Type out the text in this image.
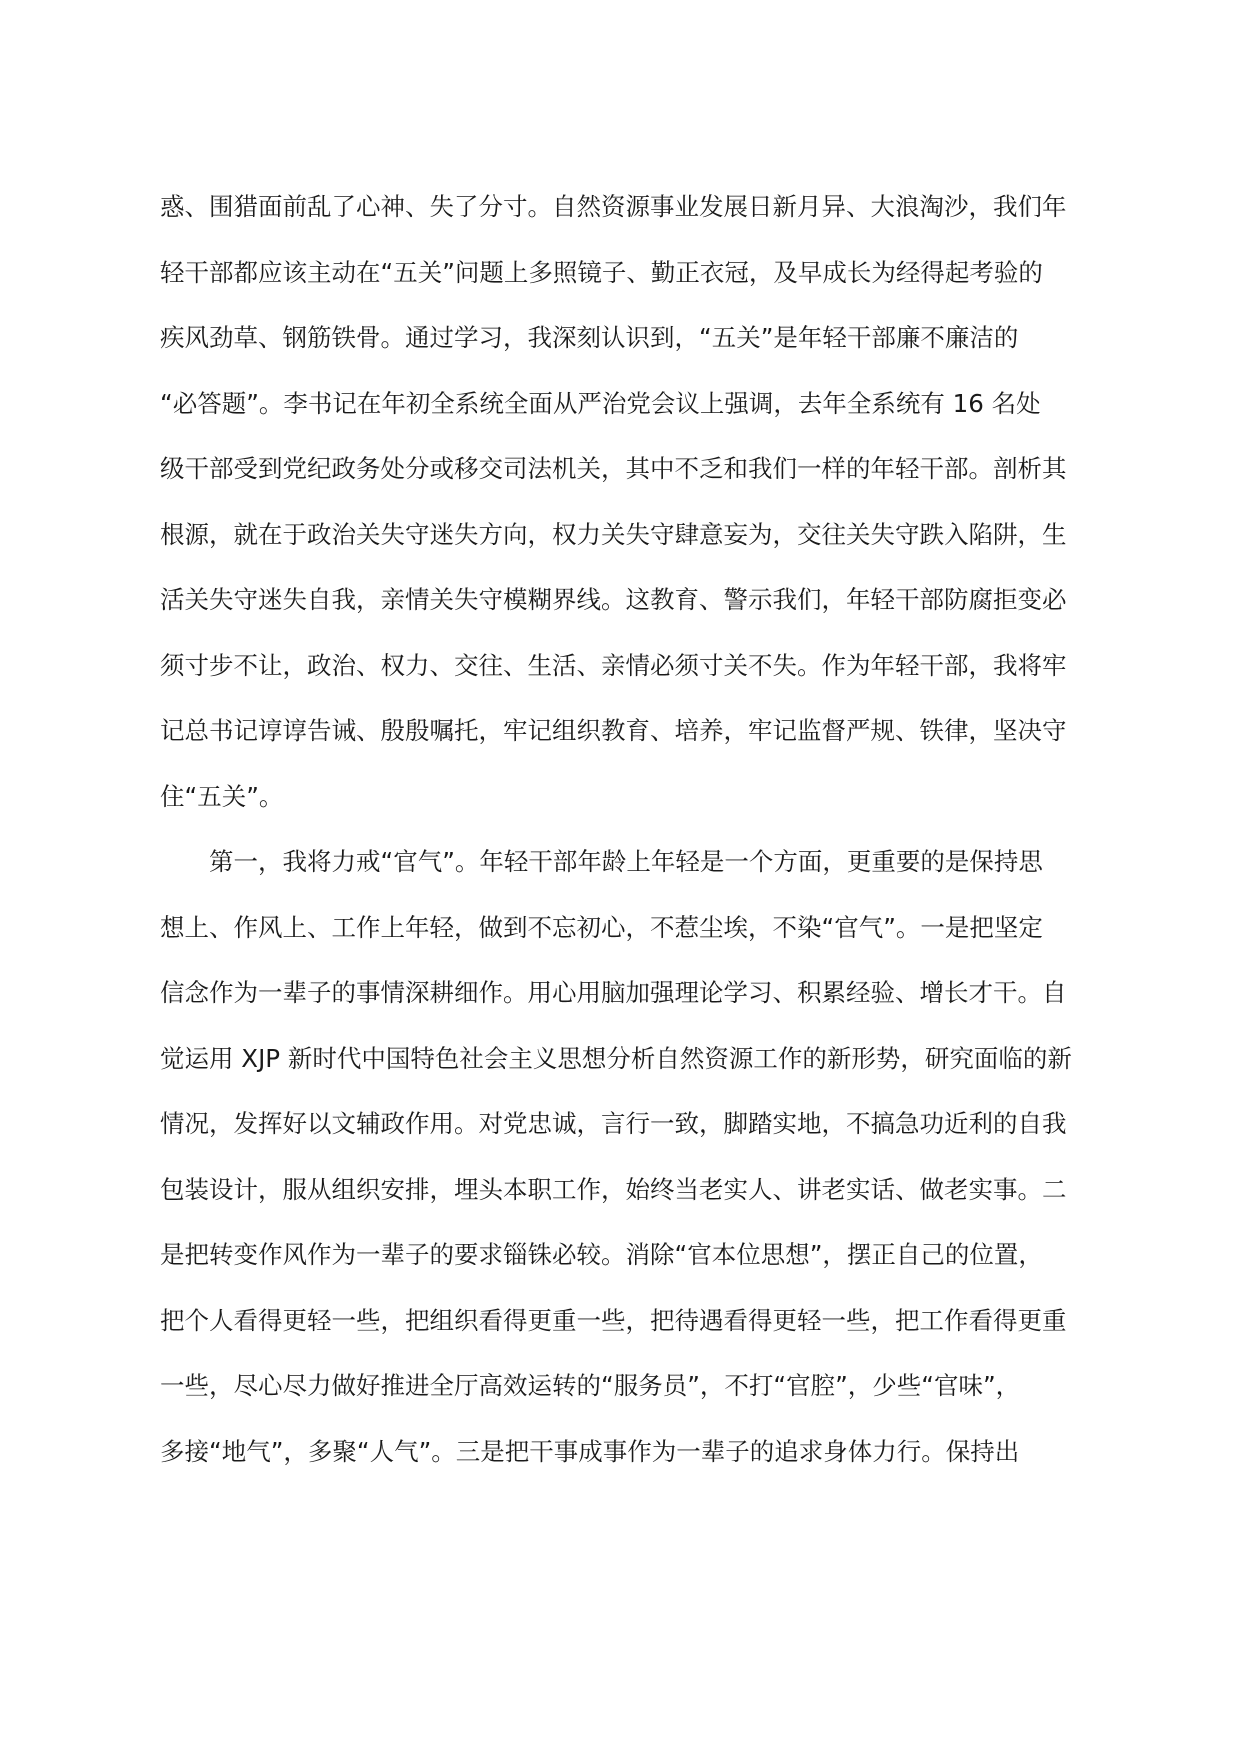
惑、围猎面前乱了心神、失了分寸。自然资源事业发展日新月异、大浪淘沙，我们年
轻干部都应该主动在“五关”问题上多照镜子、勤正衣冠，及早成长为经得起考验的
疾风劲草、钢筋铁骨。通过学习，我深刻认识到，“五关”是年轻干部廉不廉洁的
“必答题”。李书记在年初全系统全面从严治党会议上强调，去年全系统有 16 名处
级干部受到党纪政务处分或移交司法机关，其中不乏和我们一样的年轻干部。剖析其
根源，就在于政治关失守迷失方向，权力关失守肆意妄为，交往关失守跌入陷阱，生
活关失守迷失自我，亲情关失守模糊界线。这教育、警示我们，年轻干部防腐拒变必
须寸步不让，政治、权力、交往、生活、亲情必须寸关不失。作为年轻干部，我将牢
记总书记谆谆告诫、殷殷嘱托，牢记组织教育、培养，牢记监督严规、铁律，坚决守
住“五关”。
第一，我将力戒“官气”。年轻干部年龄上年轻是一个方面，更重要的是保持思
想上、作风上、工作上年轻，做到不忘初心，不惹尘埃，不染“官气”。一是把坚定
信念作为一辈子的事情深耕细作。用心用脑加强理论学习、积累经验、增长才干。自
觉运用 XJP 新时代中国特色社会主义思想分析自然资源工作的新形势，研究面临的新
情况，发挥好以文辅政作用。对党忠诚，言行一致，脚踏实地，不搞急功近利的自我
包装设计，服从组织安排，埋头本职工作，始终当老实人、讲老实话、做老实事。二
是把转变作风作为一辈子的要求锱铢必较。消除“官本位思想”，摆正自己的位置，
把个人看得更轻一些，把组织看得更重一些，把待遇看得更轻一些，把工作看得更重
一些，尽心尽力做好推进全厅高效运转的“服务员”，不打“官腔”，少些“官味”，
多接“地气”，多聚“人气”。三是把干事成事作为一辈子的追求身体力行。保持出
